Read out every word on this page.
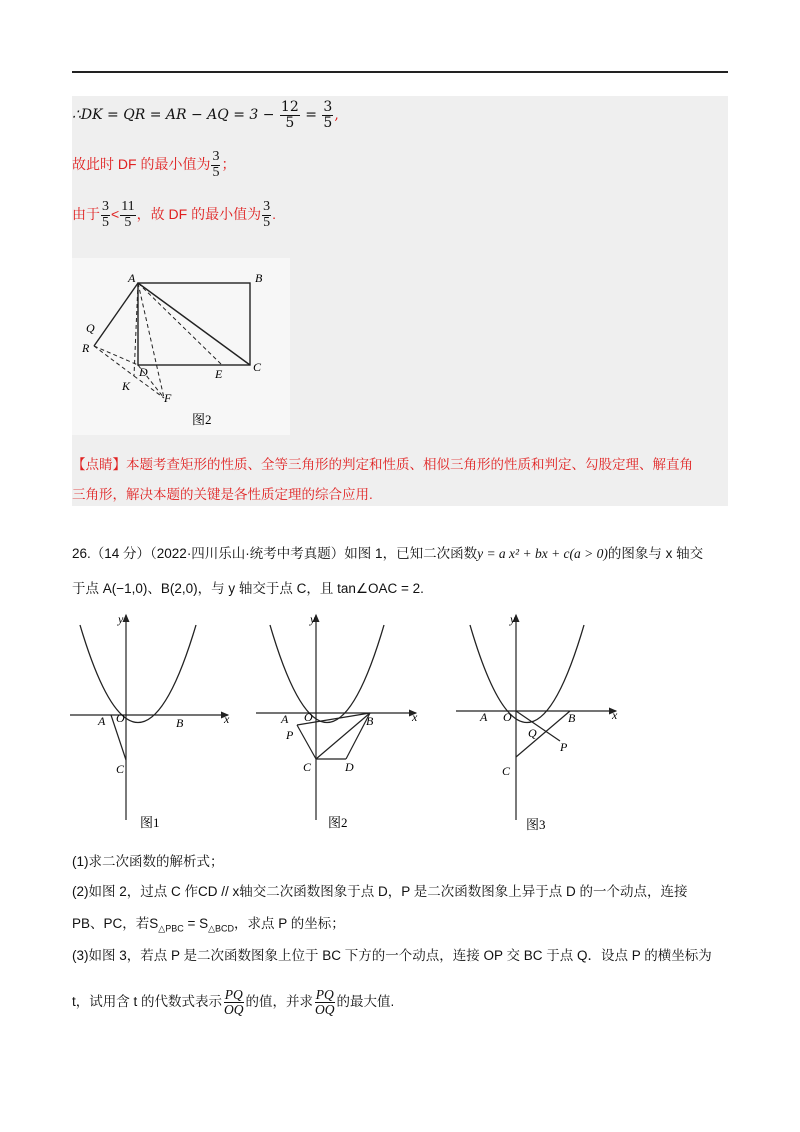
∴DK = QR = AR − AQ = $3 - \frac{12}{5} = \frac{3}{5}$ ,
故此时 DF 的最小值为 $\frac{3}{5}$ ；
由于 $\frac{3}{5} < \frac{11}{5}$ ，故 DF 的最小值为 $\frac{3}{5}$ .
A	B
Q
R
D	E	C
K
F
图2
【点睛】本题考查矩形的性质、全等三角形的判定和性质、相似三角形的性质和判定、勾股定理、解直角
三角形，解决本题的关键是各性质定理的综合应用.
26.（14 分）（2022·四川乐山·统考中考真题）如图 1，已知二次函数y = a x² + bx + c(a > 0)的图象与 x 轴交
于点 A(−1,0)、B(2,0)，与 y 轴交于点 C，且 tan∠OAC = 2.
y
A O	B	x
C
图1
y
A O	B	x
P
C	D
图2
y
A O	B	x
Q
P
C
图3
(1)求二次函数的解析式；
(2)如图 2，过点 C 作CD // x轴交二次函数图象于点 D，P 是二次函数图象上异于点 D 的一个动点，连接
PB、PC，若$S_{\triangle PBC} = S_{\triangle BCD}$，求点 P 的坐标；
(3)如图 3，若点 P 是二次函数图象上位于 BC 下方的一个动点，连接 OP 交 BC 于点 Q．设点 P 的横坐标为
t，试用含 t 的代数式表示 $\frac{PQ}{OQ}$ 的值，并求 $\frac{PQ}{OQ}$ 的最大值.
